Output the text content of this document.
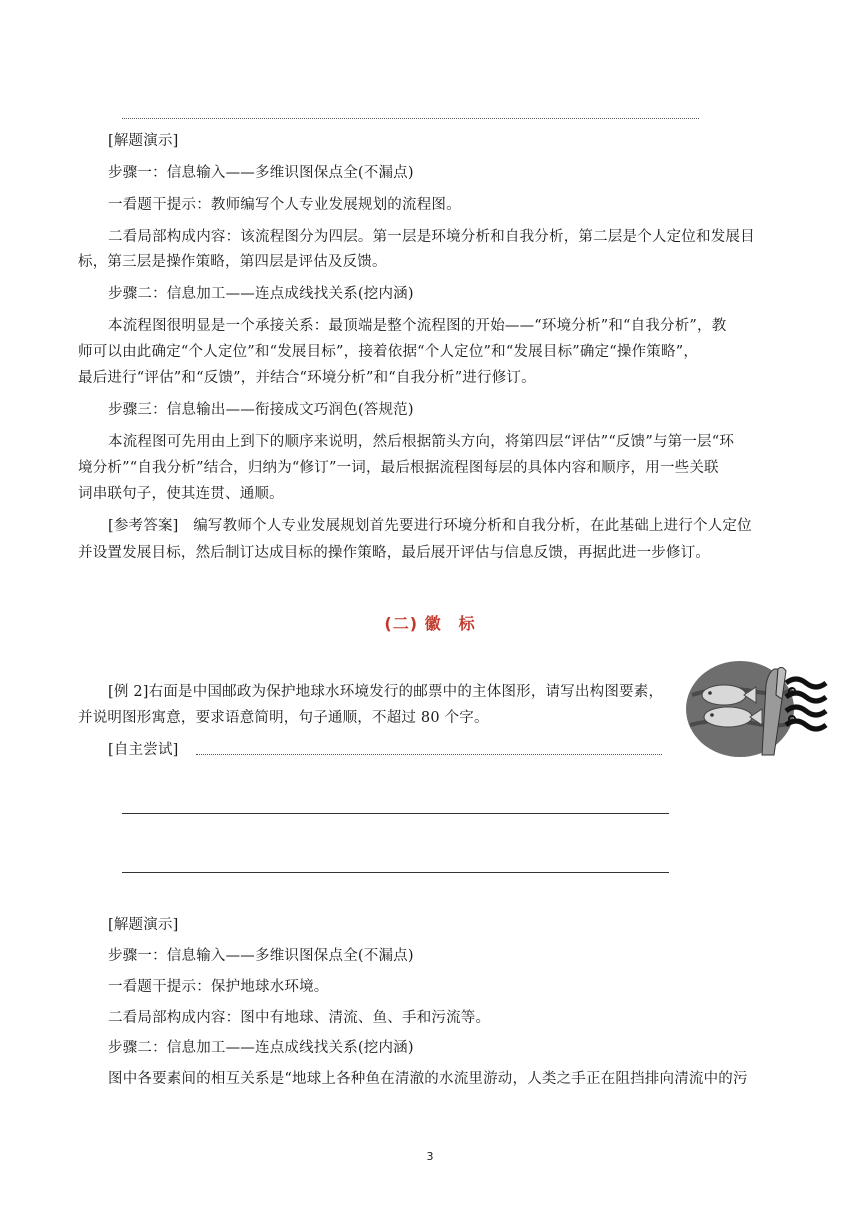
[解题演示]
步骤一：信息输入——多维识图保点全(不漏点)
一看题干提示：教师编写个人专业发展规划的流程图。
二看局部构成内容：该流程图分为四层。第一层是环境分析和自我分析，第二层是个人定位和发展目
标，第三层是操作策略，第四层是评估及反馈。
步骤二：信息加工——连点成线找关系(挖内涵)
本流程图很明显是一个承接关系：最顶端是整个流程图的开始——“环境分析”和“自我分析”，教
师可以由此确定“个人定位”和“发展目标”，接着依据“个人定位”和“发展目标”确定“操作策略”，
最后进行“评估”和“反馈”，并结合“环境分析”和“自我分析”进行修订。
步骤三：信息输出——衔接成文巧润色(答规范)
本流程图可先用由上到下的顺序来说明，然后根据箭头方向，将第四层“评估”“反馈”与第一层“环
境分析”“自我分析”结合，归纳为“修订”一词，最后根据流程图每层的具体内容和顺序，用一些关联
词串联句子，使其连贯、通顺。
[参考答案]　编写教师个人专业发展规划首先要进行环境分析和自我分析，在此基础上进行个人定位
并设置发展目标，然后制订达成目标的操作策略，最后展开评估与信息反馈，再据此进一步修订。
(二) 徽　标
[例 2]右面是中国邮政为保护地球水环境发行的邮票中的主体图形，请写出构图要素，
并说明图形寓意，要求语意简明，句子通顺，不超过 80 个字。
[自主尝试]
[解题演示]
步骤一：信息输入——多维识图保点全(不漏点)
一看题干提示：保护地球水环境。
二看局部构成内容：图中有地球、清流、鱼、手和污流等。
步骤二：信息加工——连点成线找关系(挖内涵)
图中各要素间的相互关系是“地球上各种鱼在清澈的水流里游动，人类之手正在阻挡排向清流中的污
3
